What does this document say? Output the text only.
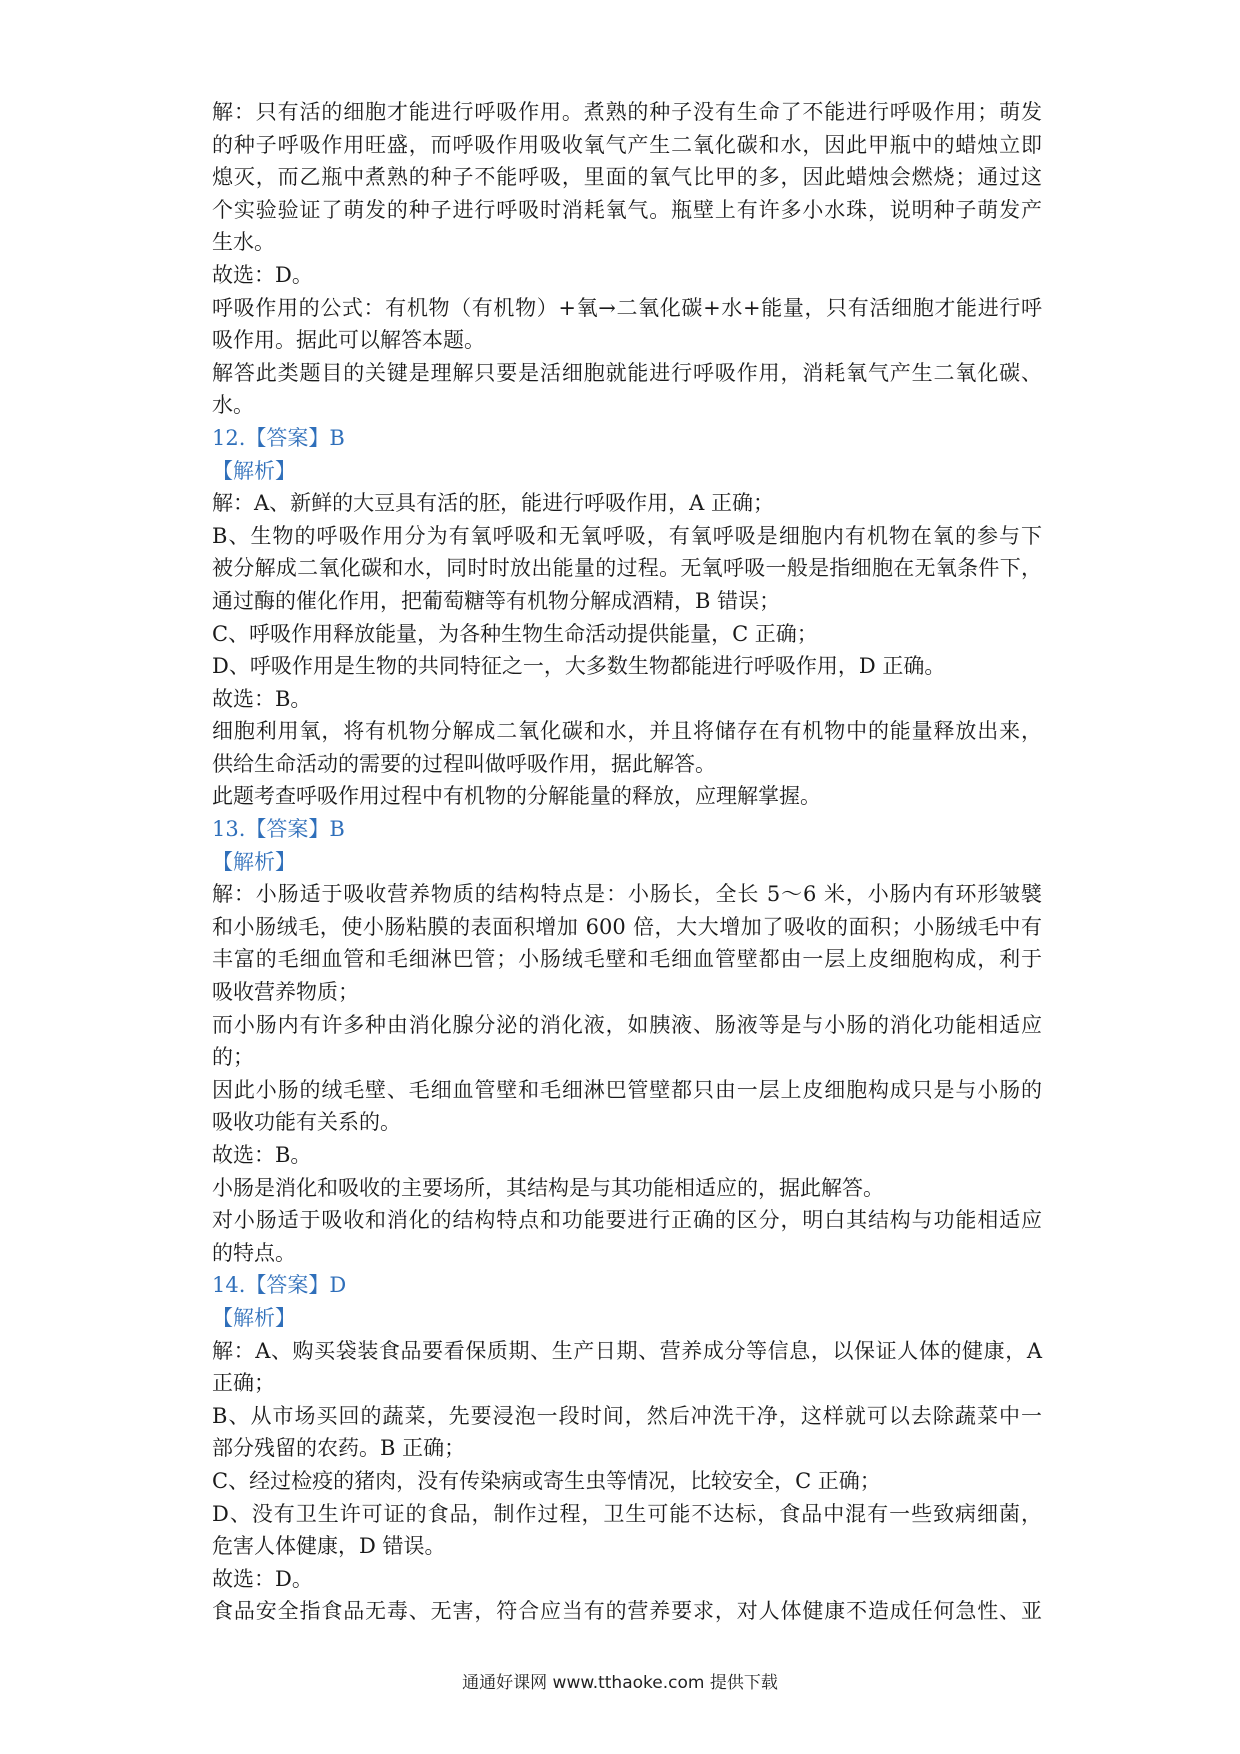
解：只有活的细胞才能进行呼吸作用。煮熟的种子没有生命了不能进行呼吸作用；萌发
的种子呼吸作用旺盛，而呼吸作用吸收氧气产生二氧化碳和水，因此甲瓶中的蜡烛立即
熄灭，而乙瓶中煮熟的种子不能呼吸，里面的氧气比甲的多，因此蜡烛会燃烧；通过这
个实验验证了萌发的种子进行呼吸时消耗氧气。瓶壁上有许多小水珠，说明种子萌发产
生水。
故选：D。
呼吸作用的公式：有机物（有机物）+氧→二氧化碳+水+能量，只有活细胞才能进行呼
吸作用。据此可以解答本题。
解答此类题目的关键是理解只要是活细胞就能进行呼吸作用，消耗氧气产生二氧化碳、
水。
12.【答案】B
【解析】
解：A、新鲜的大豆具有活的胚，能进行呼吸作用，A 正确；
B、生物的呼吸作用分为有氧呼吸和无氧呼吸，有氧呼吸是细胞内有机物在氧的参与下
被分解成二氧化碳和水，同时时放出能量的过程。无氧呼吸一般是指细胞在无氧条件下，
通过酶的催化作用，把葡萄糖等有机物分解成酒精，B 错误；
C、呼吸作用释放能量，为各种生物生命活动提供能量，C 正确；
D、呼吸作用是生物的共同特征之一，大多数生物都能进行呼吸作用，D 正确。
故选：B。
细胞利用氧，将有机物分解成二氧化碳和水，并且将储存在有机物中的能量释放出来，
供给生命活动的需要的过程叫做呼吸作用，据此解答。
此题考查呼吸作用过程中有机物的分解能量的释放，应理解掌握。
13.【答案】B
【解析】
解：小肠适于吸收营养物质的结构特点是：小肠长，全长 5～6 米，小肠内有环形皱襞
和小肠绒毛，使小肠粘膜的表面积增加 600 倍，大大增加了吸收的面积；小肠绒毛中有
丰富的毛细血管和毛细淋巴管；小肠绒毛壁和毛细血管壁都由一层上皮细胞构成，利于
吸收营养物质；
而小肠内有许多种由消化腺分泌的消化液，如胰液、肠液等是与小肠的消化功能相适应
的；
因此小肠的绒毛壁、毛细血管壁和毛细淋巴管壁都只由一层上皮细胞构成只是与小肠的
吸收功能有关系的。
故选：B。
小肠是消化和吸收的主要场所，其结构是与其功能相适应的，据此解答。
对小肠适于吸收和消化的结构特点和功能要进行正确的区分，明白其结构与功能相适应
的特点。
14.【答案】D
【解析】
解：A、购买袋装食品要看保质期、生产日期、营养成分等信息，以保证人体的健康，A
正确；
B、从市场买回的蔬菜，先要浸泡一段时间，然后冲洗干净，这样就可以去除蔬菜中一
部分残留的农药。B 正确；
C、经过检疫的猪肉，没有传染病或寄生虫等情况，比较安全，C 正确；
D、没有卫生许可证的食品，制作过程，卫生可能不达标，食品中混有一些致病细菌，
危害人体健康，D 错误。
故选：D。
食品安全指食品无毒、无害，符合应当有的营养要求，对人体健康不造成任何急性、亚
通通好课网 www.tthaoke.com 提供下载
